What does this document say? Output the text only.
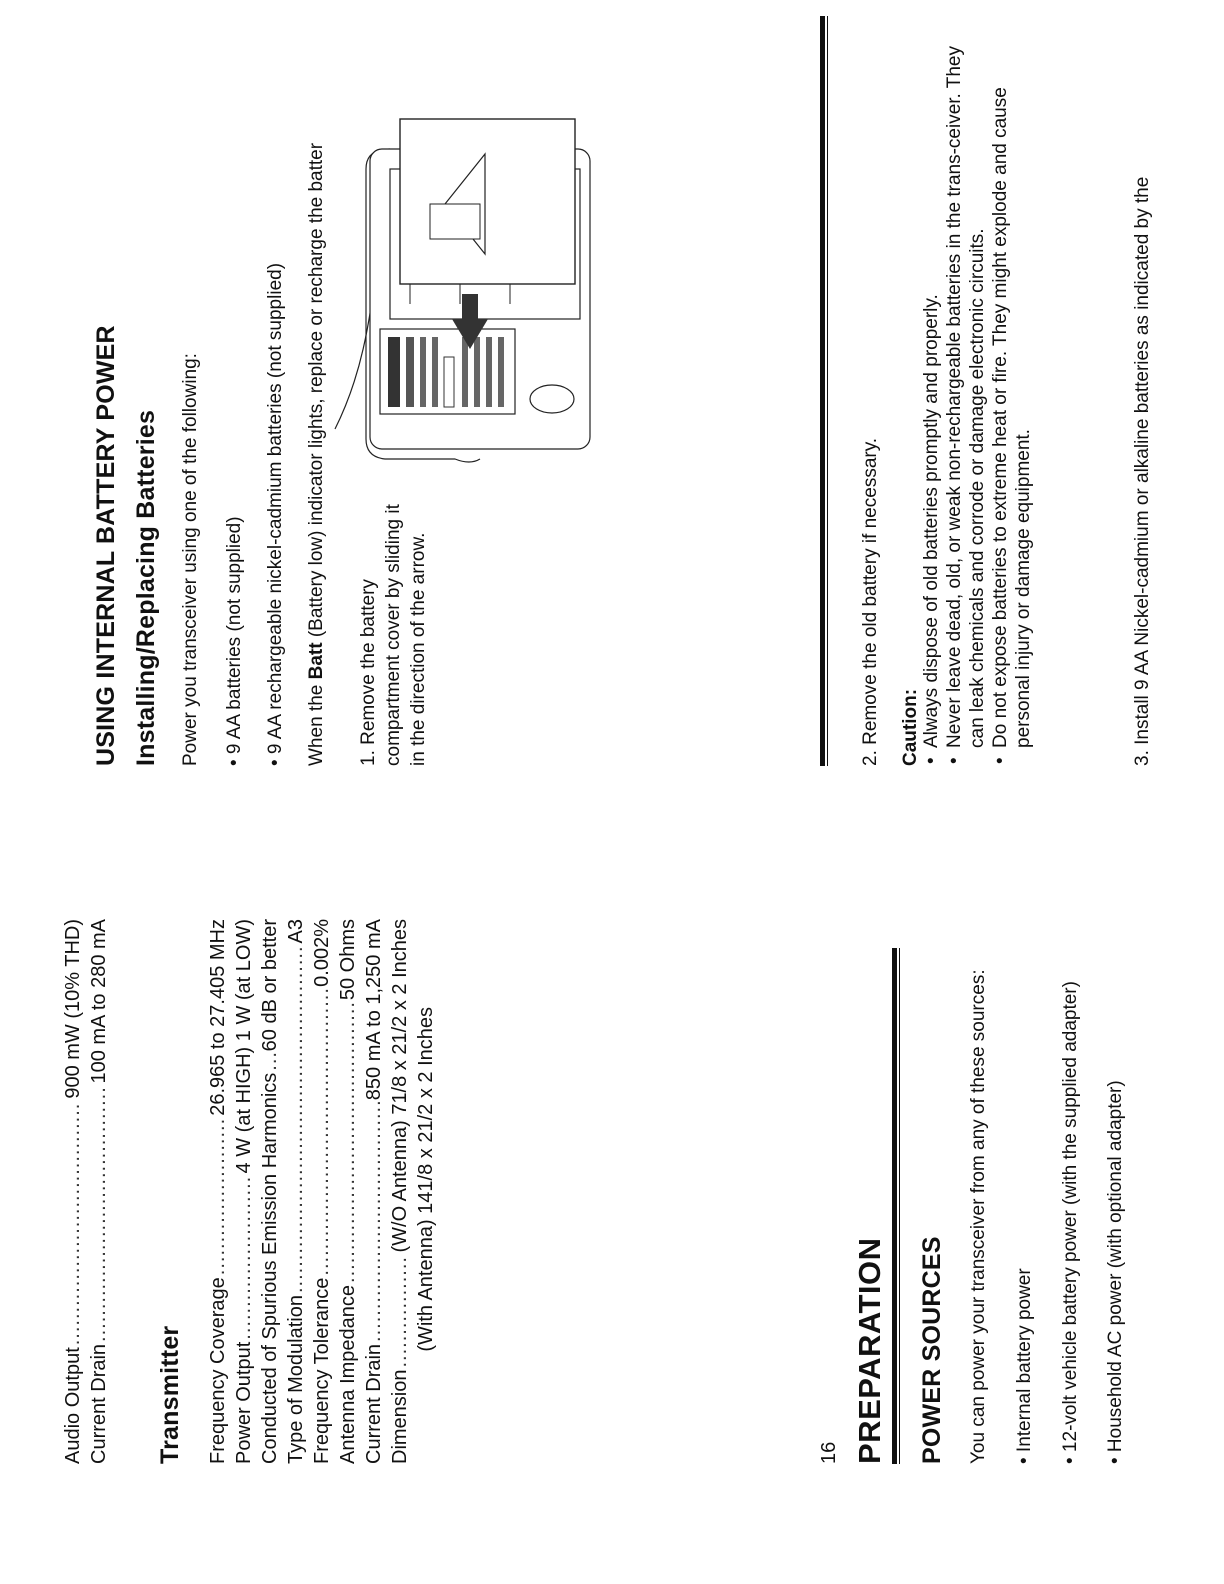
Audio Output
.....
900 mW (10% THD)
Current Drain
.....
100 mA to 280 mA
Transmitter Frequency Coverage
.....
26.965 to 27.405 MHz
Power Output
.....
4 W (at HIGH) 1 W (at LOW)
Conducted of Spurious Emission Harmonics
.....
60 dB or better
Type of Modulation
.....
A3
Frequency Tolerance
.....
0.002%
Antenna Impedance
.....
50 Ohms
Current Drain
.....
850 mA to 1,250 mA
Dimension
.....
(W/O Antenna) 71/8 x 21/2 x 2 Inches (With Antenna) 141/8 x 21/2 x 2 Inches
16 PREPARATION POWER SOURCES You can power your transceiver from any of these sources: • Internal battery power • 12-volt vehicle battery power (with the supplied adapter) • Household AC power (with optional adapter)

USING INTERNAL BATTERY POWER Installing/Replacing Batteries Power you transceiver using one of the following: • 9 AA batteries (not supplied) • 9 AA rechargeable nickel-cadmium batteries (not supplied) When the Batt (Battery low) indicator lights, replace or recharge the batter

1. Remove the battery compartment cover by sliding it in the direction of the arrow.	2. Remove the old battery if necessary. Caution: • Always dispose of old batteries promptly and properly. • Never leave dead, old, or weak non-rechargeable batteries in the trans-ceiver. They can leak chemicals and corrode or damage electronic circuits. • Do not expose batteries to extreme heat or fire. They might explode and cause personal injury or damage equipment.	3. Install 9 AA Nickel-cadmium or alkaline batteries as indicated by the
